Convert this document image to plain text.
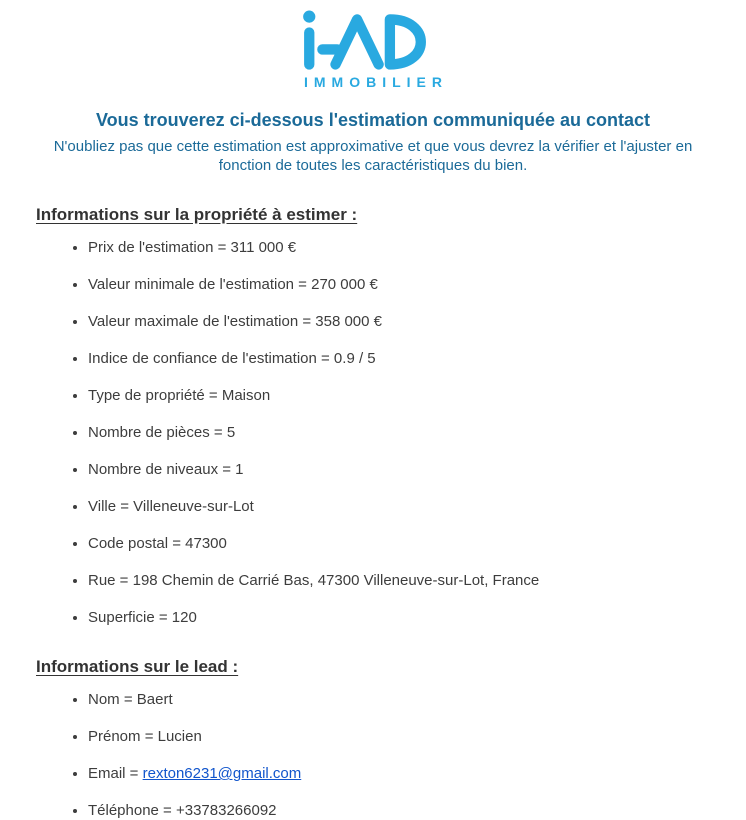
IMMOBILIER
Vous trouverez ci-dessous l'estimation communiquée au contact
N'oubliez pas que cette estimation est approximative et que vous devrez la vérifier et l'ajuster en fonction de toutes les caractéristiques du bien.
Informations sur la propriété à estimer :
• Prix de l'estimation = 311 000 €
• Valeur minimale de l'estimation = 270 000 €
• Valeur maximale de l'estimation = 358 000 €
• Indice de confiance de l'estimation = 0.9 / 5
• Type de propriété = Maison
• Nombre de pièces = 5
• Nombre de niveaux = 1
• Ville = Villeneuve-sur-Lot
• Code postal = 47300
• Rue = 198 Chemin de Carrié Bas, 47300 Villeneuve-sur-Lot, France
• Superficie = 120
Informations sur le lead :
• Nom = Baert
• Prénom = Lucien
• Email = rexton6231@gmail.com
• Téléphone = +33783266092
